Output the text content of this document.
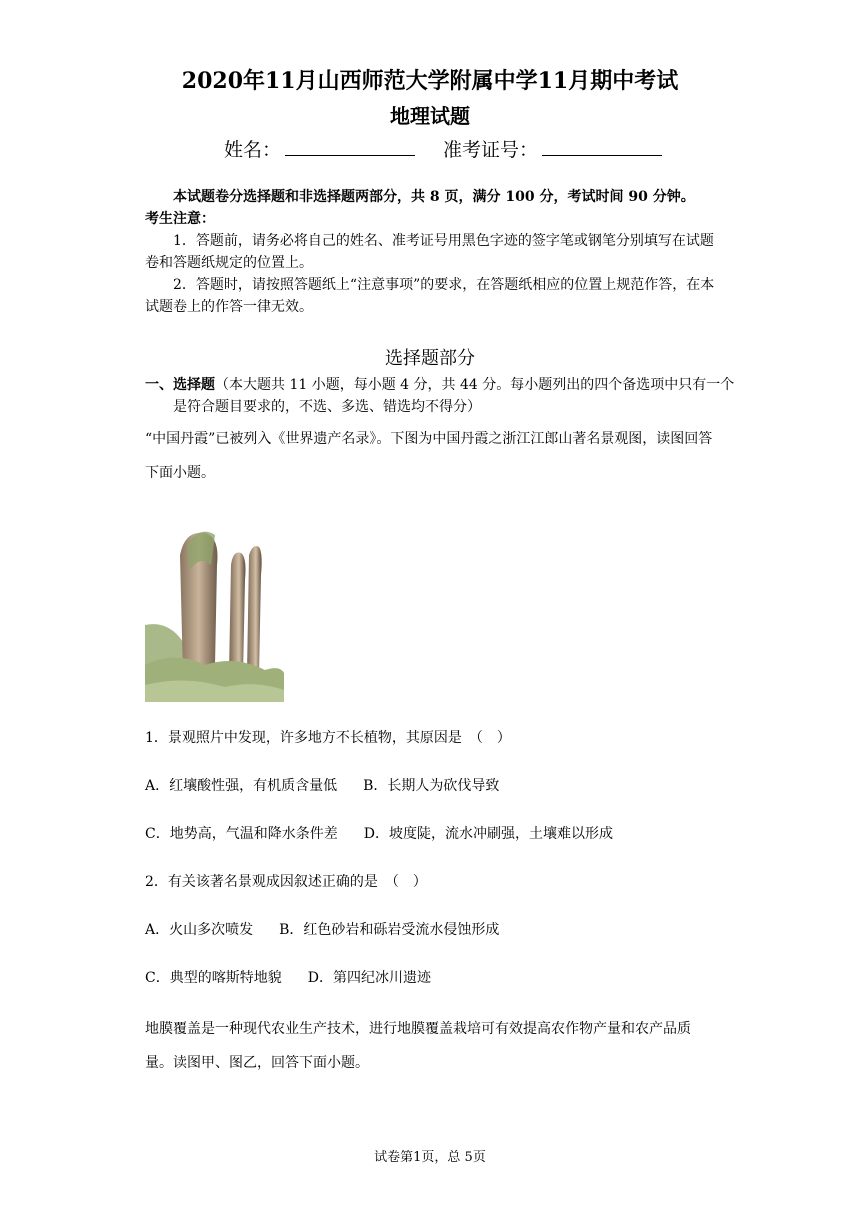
2020年11月山西师范大学附属中学11月期中考试
地理试题
姓名：	准考证号：
本试题卷分选择题和非选择题两部分，共 8 页，满分 100 分，考试时间 90 分钟。
考生注意：
1．答题前，请务必将自己的姓名、准考证号用黑色字迹的签字笔或钢笔分别填写在试题卷和答题纸规定的位置上。
2．答题时，请按照答题纸上“注意事项”的要求，在答题纸相应的位置上规范作答，在本试题卷上的作答一律无效。
选择题部分
一、选择题（本大题共 11 小题，每小题 4 分，共 44 分。每小题列出的四个备选项中只有一个是符合题目要求的，不选、多选、错选均不得分）
“中国丹霞”已被列入《世界遗产名录》。下图为中国丹霞之浙江江郎山著名景观图，读图回答下面小题。
1．景观照片中发现，许多地方不长植物，其原因是　（　）
A．红壤酸性强，有机质含量低 B．长期人为砍伐导致
C．地势高，气温和降水条件差 D．坡度陡，流水冲刷强，土壤难以形成
2．有关该著名景观成因叙述正确的是　（　）
A．火山多次喷发 B．红色砂岩和砾岩受流水侵蚀形成
C．典型的喀斯特地貌 D．第四纪冰川遗迹
地膜覆盖是一种现代农业生产技术，进行地膜覆盖栽培可有效提高农作物产量和农产品质量。读图甲、图乙，回答下面小题。
试卷第1页，总 5页
